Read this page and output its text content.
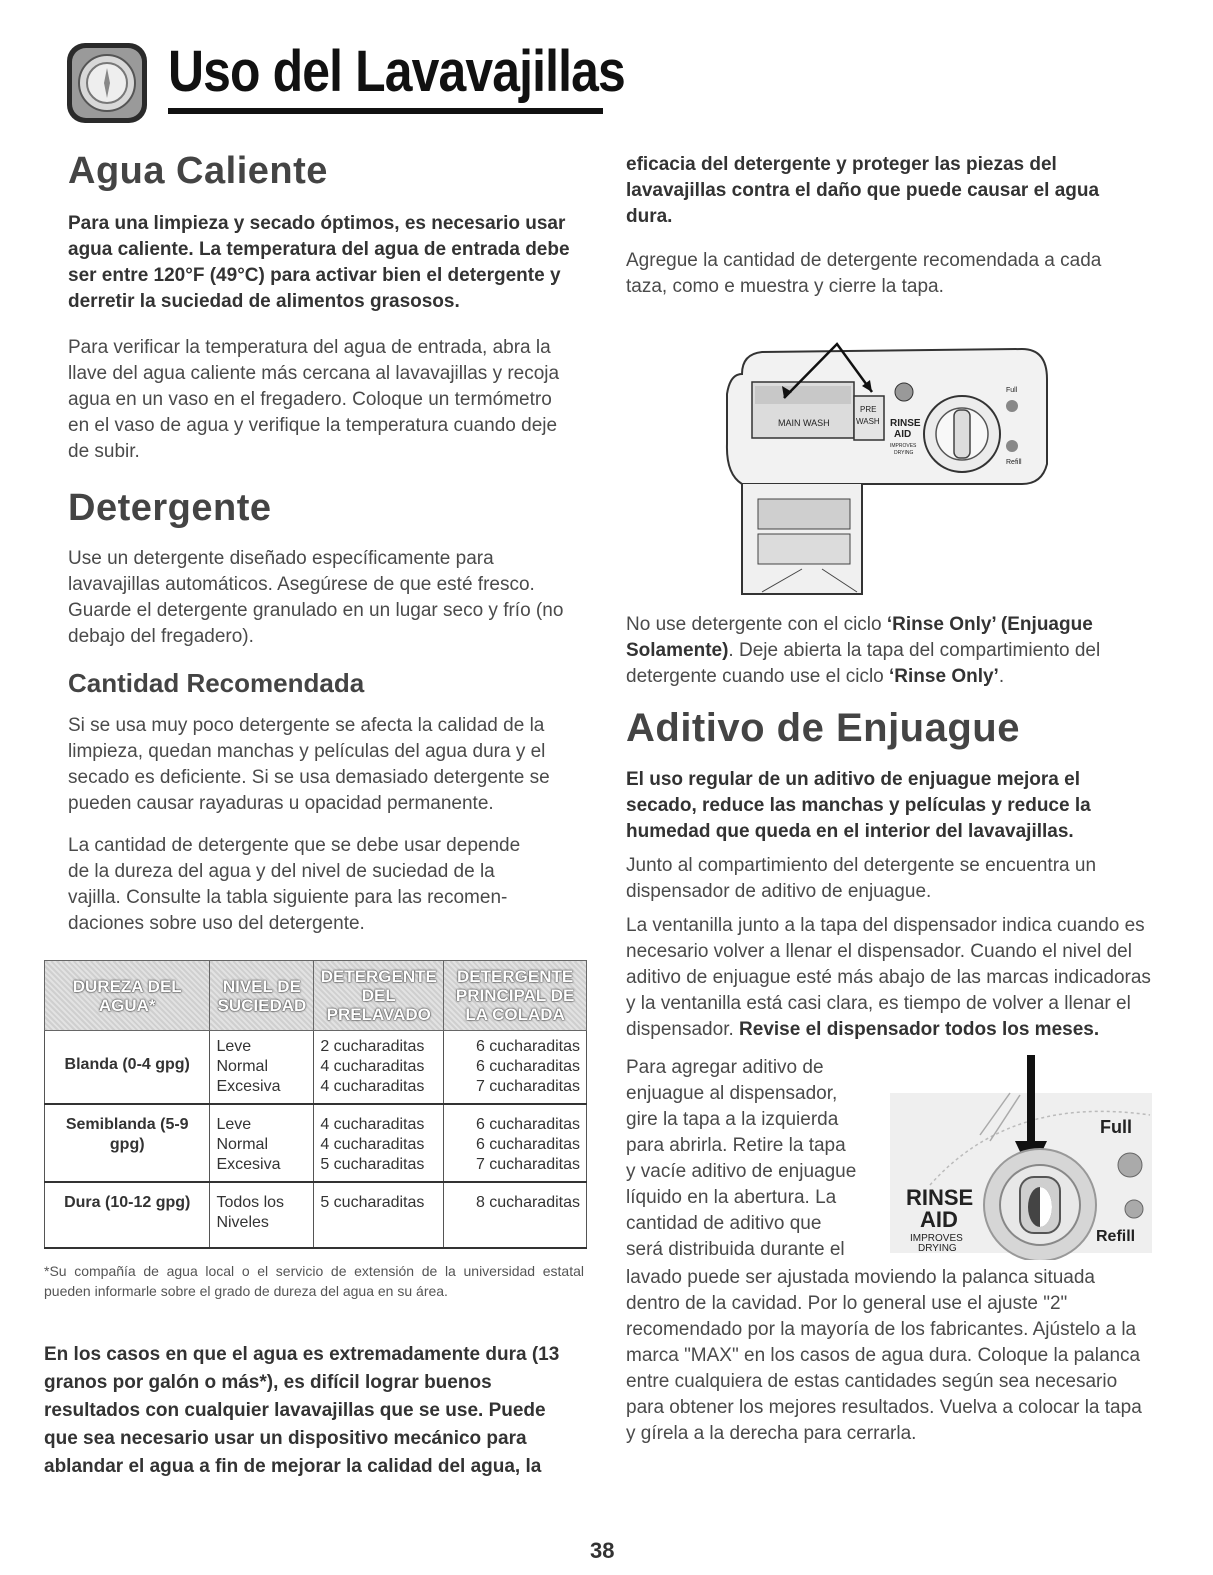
Uso del Lavavajillas
Agua Caliente

Para una limpieza y secado óptimos, es necesario usar agua caliente. La temperatura del agua de entrada debe ser entre 120°F (49°C) para activar bien el detergente y derretir la suciedad de alimentos grasosos.

Para verificar la temperatura del agua de entrada, abra la llave del agua caliente más cercana al lavavajillas y recoja agua en un vaso en el fregadero. Coloque un termómetro en el vaso de agua y verifique la temperatura cuando deje de subir.

Detergente

Use un detergente diseñado específicamente para lavavajillas automáticos. Asegúrese de que esté fresco. Guarde el detergente granulado en un lugar seco y frío (no debajo del fregadero).

Cantidad Recomendada

Si se usa muy poco detergente se afecta la calidad de la limpieza, quedan manchas y películas del agua dura y el secado es deficiente. Si se usa demasiado detergente se pueden causar rayaduras u opacidad permanente.

La cantidad de detergente que se debe usar depende de la dureza del agua y del nivel de suciedad de la vajilla. Consulte la tabla siguiente para las recomen- daciones sobre uso del detergente.

DUREZA DEL AGUA*	NIVEL DE SUCIEDAD	DETERGENTE DEL PRELAVADO	DETERGENTE PRINCIPAL DE LA COLADA
Blanda (0-4 gpg)	Leve
Normal
Excesiva	2 cucharaditas
4 cucharaditas
4 cucharaditas	6 cucharaditas
6 cucharaditas
7 cucharaditas

Semiblanda (5-9 gpg)	Leve
Normal
Excesiva	4 cucharaditas
4 cucharaditas
5 cucharaditas	6 cucharaditas
6 cucharaditas
7 cucharaditas

Dura (10-12 gpg)	Todos los
Niveles	5 cucharaditas	8 cucharaditas

*Su compañía de agua local o el servicio de extensión de la universidad estatal pueden informarle sobre el grado de dureza del agua en su área.

En los casos en que el agua es extremadamente dura (13 granos por galón o más*), es difícil lograr buenos resultados con cualquier lavavajillas que se use. Puede que sea necesario usar un dispositivo mecánico para ablandar el agua a fin de mejorar la calidad del agua, la

eficacia del detergente y proteger las piezas del lavavajillas contra el daño que puede causar el agua dura.

Agregue la cantidad de detergente recomendada a cada taza, como e muestra y cierre la tapa.

MAIN WASH
PRE
WASH RINSE
AID
IMPROVES
DRYING
Full
Refill

No use detergente con el ciclo ‘Rinse Only’ (Enjuague Solamente). Deje abierta la tapa del compartimiento del detergente cuando use el ciclo ‘Rinse Only’.

Aditivo de Enjuague

El uso regular de un aditivo de enjuague mejora el secado, reduce las manchas y películas y reduce la humedad que queda en el interior del lavavajillas.

Junto al compartimiento del detergente se encuentra un dispensador de aditivo de enjuague.

La ventanilla junto a la tapa del dispensador indica cuando es necesario volver a llenar el dispensador. Cuando el nivel del aditivo de enjuague esté más abajo de las marcas indicadoras y la ventanilla está casi clara, es tiempo de volver a llenar el dispensador. Revise el dispensador todos los meses.

Para agregar aditivo de

enjuague al dispensador,

gire la tapa a la izquierda

para abrirla. Retire la tapa

y vacíe aditivo de enjuague

líquido en la abertura. La

cantidad de aditivo que

será distribuida durante el

Full
RINSE
AID
IMPROVES
DRYING
Refill

lavado puede ser ajustada moviendo la palanca situada dentro de la cavidad. Por lo general use el ajuste "2" recomendado por la mayoría de los fabricantes. Ajústelo a la marca "MAX" en los casos de agua dura. Coloque la palanca entre cualquiera de estas cantidades según sea necesario para obtener los mejores resultados. Vuelva a colocar la tapa y gírela a la derecha para cerrarla.

38
